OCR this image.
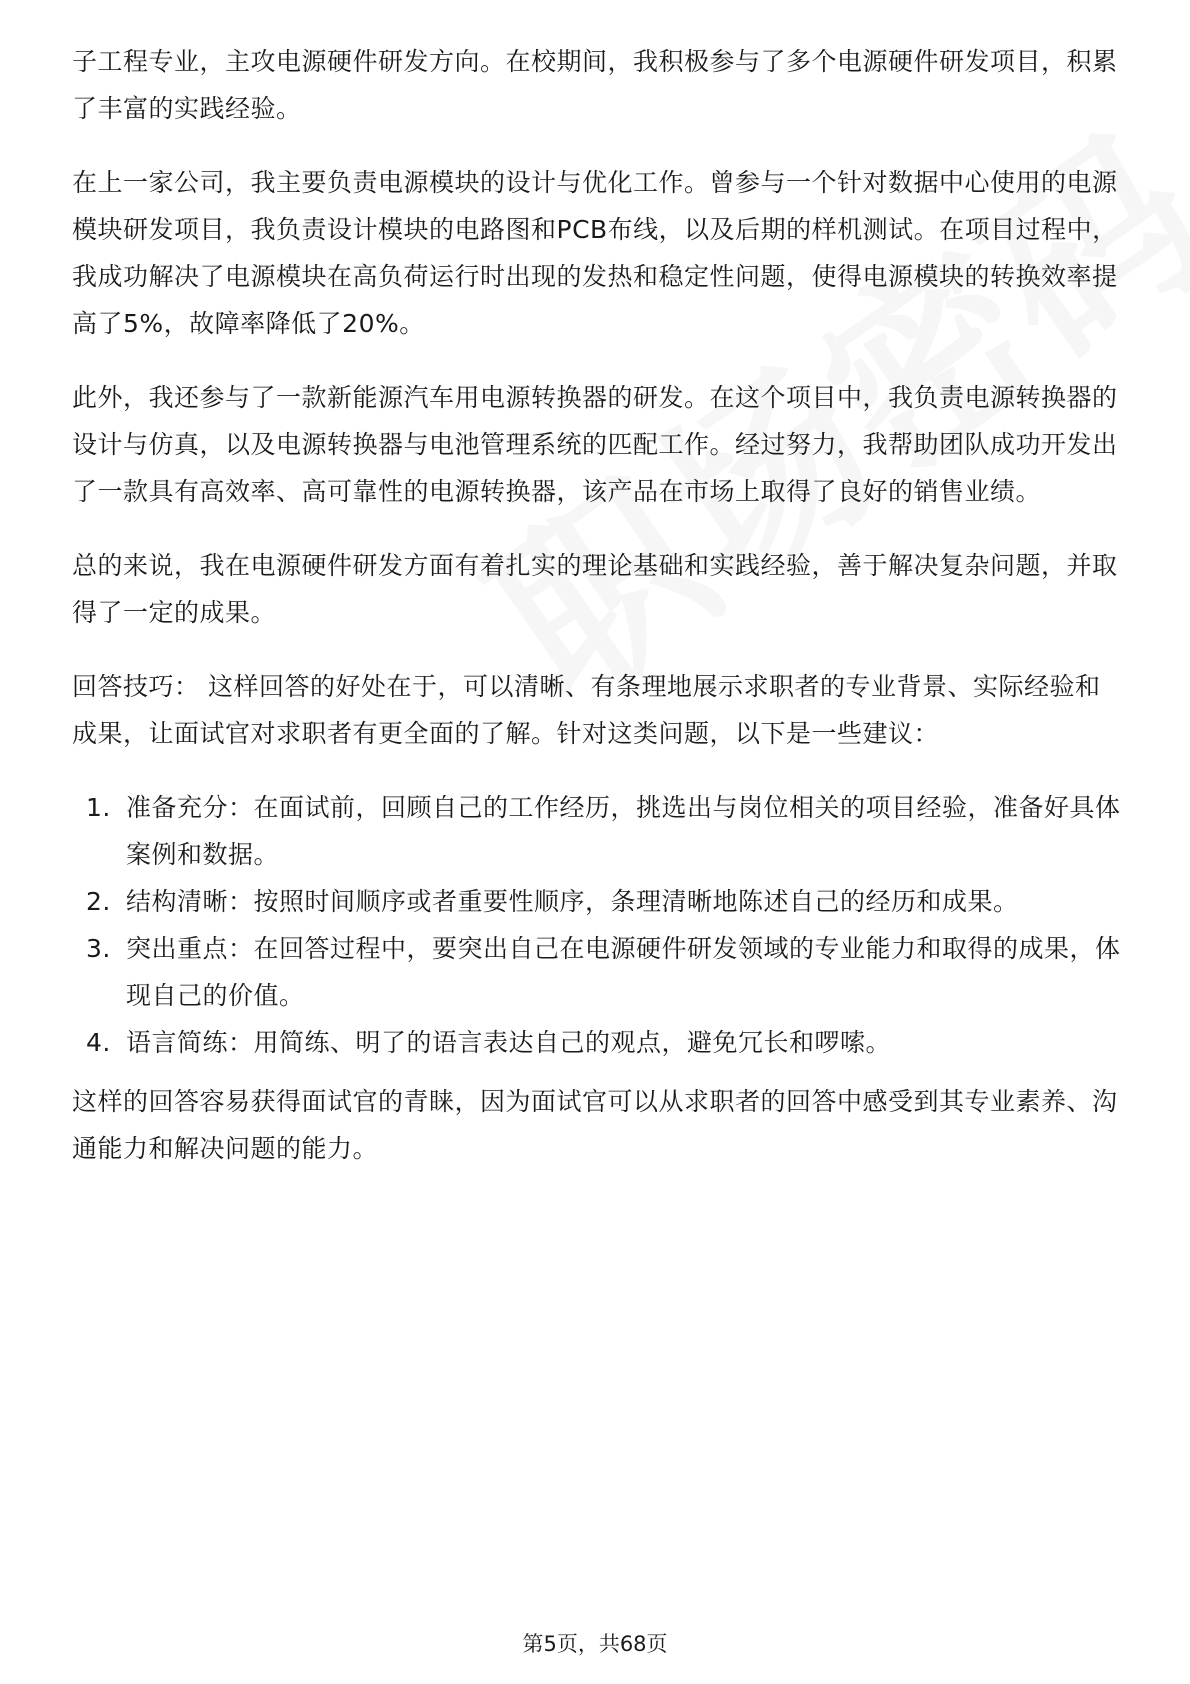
子工程专业，主攻电源硬件研发方向。在校期间，我积极参与了多个电源硬件研发项目，积累了丰富的实践经验。

在上一家公司，我主要负责电源模块的设计与优化工作。曾参与一个针对数据中心使用的电源模块研发项目，我负责设计模块的电路图和PCB布线，以及后期的样机测试。在项目过程中，我成功解决了电源模块在高负荷运行时出现的发热和稳定性问题，使得电源模块的转换效率提高了5%，故障率降低了20%。

此外，我还参与了一款新能源汽车用电源转换器的研发。在这个项目中，我负责电源转换器的设计与仿真，以及电源转换器与电池管理系统的匹配工作。经过努力，我帮助团队成功开发出了一款具有高效率、高可靠性的电源转换器，该产品在市场上取得了良好的销售业绩。

总的来说，我在电源硬件研发方面有着扎实的理论基础和实践经验，善于解决复杂问题，并取得了一定的成果。

回答技巧： 这样回答的好处在于，可以清晰、有条理地展示求职者的专业背景、实际经验和成果，让面试官对求职者有更全面的了解。针对这类问题，以下是一些建议：

1. 准备充分：在面试前，回顾自己的工作经历，挑选出与岗位相关的项目经验，准备好具体案例和数据。
2. 结构清晰：按照时间顺序或者重要性顺序，条理清晰地陈述自己的经历和成果。
3. 突出重点：在回答过程中，要突出自己在电源硬件研发领域的专业能力和取得的成果，体现自己的价值。
4. 语言简练：用简练、明了的语言表达自己的观点，避免冗长和啰嗦。

这样的回答容易获得面试官的青睐，因为面试官可以从求职者的回答中感受到其专业素养、沟通能力和解决问题的能力。

第5页，共68页
